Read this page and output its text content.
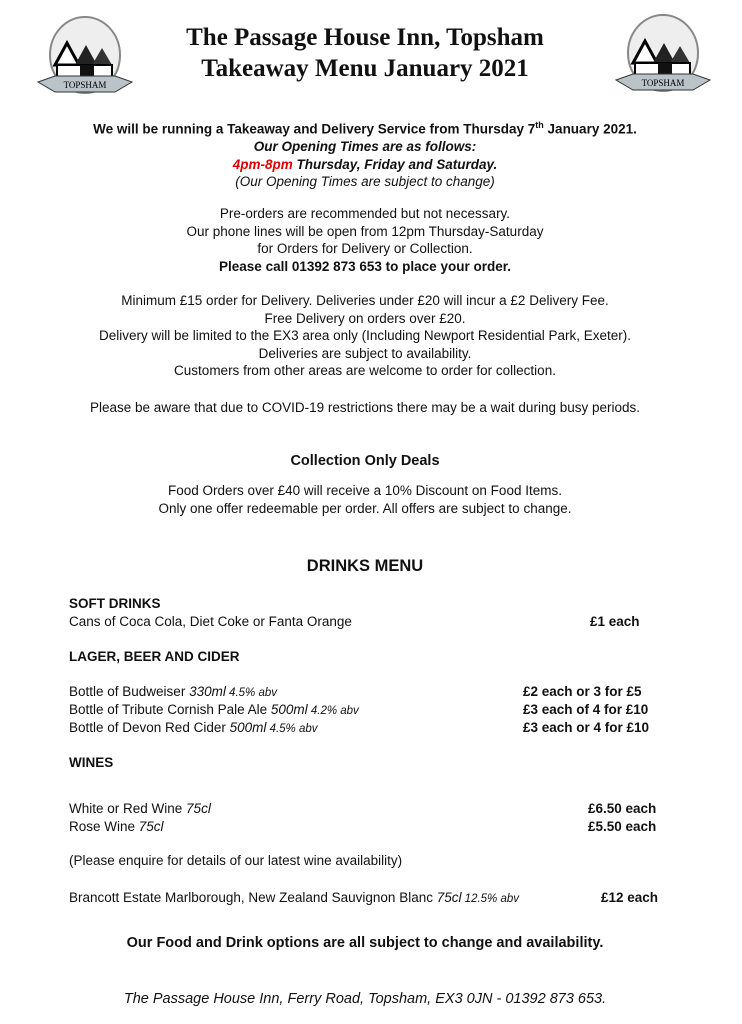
TOPSHAM	TOPSHAM
The Passage House Inn, Topsham
Takeaway Menu January 2021
We will be running a Takeaway and Delivery Service from Thursday 7th January 2021.
Our Opening Times are as follows:
4pm-8pm Thursday, Friday and Saturday.
(Our Opening Times are subject to change)
Pre-orders are recommended but not necessary.
Our phone lines will be open from 12pm Thursday-Saturday
for Orders for Delivery or Collection.
Please call 01392 873 653 to place your order.
Minimum £15 order for Delivery. Deliveries under £20 will incur a £2 Delivery Fee.
Free Delivery on orders over £20.
Delivery will be limited to the EX3 area only (Including Newport Residential Park, Exeter).
Deliveries are subject to availability.
Customers from other areas are welcome to order for collection.
Please be aware that due to COVID-19 restrictions there may be a wait during busy periods.
Collection Only Deals
Food Orders over £40 will receive a 10% Discount on Food Items.
Only one offer redeemable per order. All offers are subject to change.
DRINKS MENU
SOFT DRINKS
Cans of Coca Cola, Diet Coke or Fanta Orange	£1 each
LAGER, BEER AND CIDER
Bottle of Budweiser 330ml 4.5% abv	£2 each or 3 for £5
Bottle of Tribute Cornish Pale Ale 500ml 4.2% abv	£3 each of 4 for £10
Bottle of Devon Red Cider 500ml 4.5% abv	£3 each or 4 for £10
WINES
White or Red Wine 75cl	£6.50 each
Rose Wine 75cl	£5.50 each
(Please enquire for details of our latest wine availability)
Brancott Estate Marlborough, New Zealand Sauvignon Blanc 75cl 12.5% abv	£12 each
Our Food and Drink options are all subject to change and availability.
The Passage House Inn, Ferry Road, Topsham, EX3 0JN - 01392 873 653.
